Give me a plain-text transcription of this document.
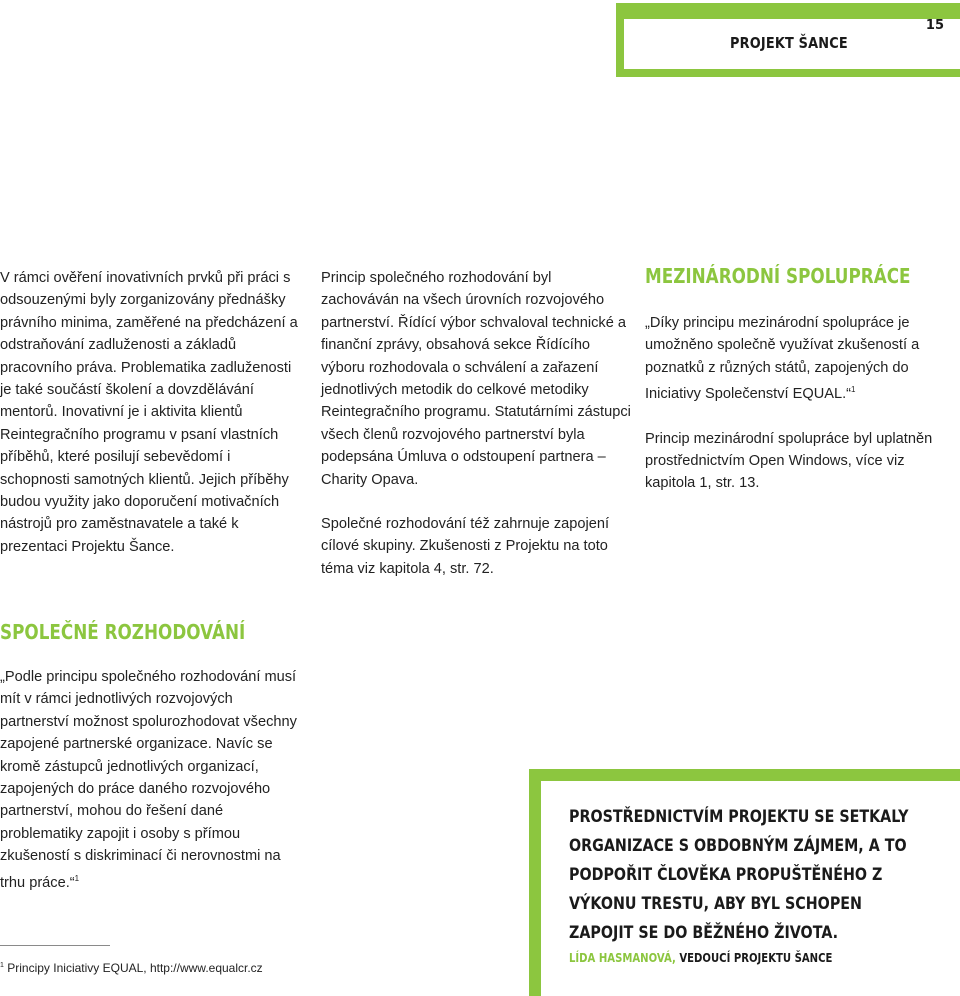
PROJEKT ŠANCE
15

V rámci ověření inovativních prvků při práci s odsouzenými byly zorganizovány přednášky právního minima, zaměřené na předcházení a odstraňování zadluženosti a základů pracovního práva. Problematika zadluženosti je také součástí školení a dovzdělávání mentorů. Inovativní je i aktivita klientů Reintegračního programu v psaní vlastních příběhů, které posilují sebevědomí i schopnosti samotných klientů. Jejich příběhy budou využity jako doporučení motivačních nástrojů pro zaměstnavatele a také k prezentaci Projektu Šance.

Princip společného rozhodování byl zachováván na všech úrovních rozvojového partnerství. Řídící výbor schvaloval technické a finanční zprávy, obsahová sekce Řídícího výboru rozhodovala o schválení a zařazení jednotlivých metodik do celkové metodiky Reintegračního programu. Statutárními zástupci všech členů rozvojového partnerství byla podepsána Úmluva o odstoupení partnera – Charity Opava.

Společné rozhodování též zahrnuje zapojení cílové skupiny. Zkušenosti z Projektu na toto téma viz kapitola 4, str. 72.

MEZINÁRODNÍ SPOLUPRÁCE

„Díky principu mezinárodní spolupráce je umožněno společně využívat zkušeností a poznatků z různých států, zapojených do Iniciativy Společenství EQUAL.“$^1$

Princip mezinárodní spolupráce byl uplatněn prostřednictvím Open Windows, více viz kapitola 1, str. 13.

SPOLEČNÉ ROZHODOVÁNÍ

„Podle principu společného rozhodování musí mít v rámci jednotlivých rozvojových partnerství možnost spolurozhodovat všechny zapojené partnerské organizace. Navíc se kromě zástupců jednotlivých organizací, zapojených do práce daného rozvojového partnerství, mohou do řešení dané problematiky zapojit i osoby s přímou zkušeností s diskriminací či nerovnostmi na trhu práce.“$^1$

$^1$ Principy Iniciativy EQUAL, http://www.equalcr.cz
PROSTŘEDNICTVÍM PROJEKTU SE SETKALY ORGANIZACE S OBDOBNÝM ZÁJMEM, A TO PODPOŘIT ČLOVĚKA PROPUŠTĚNÉHO Z VÝKONU TRESTU, ABY BYL SCHOPEN ZAPOJIT SE DO BĚŽNÉHO ŽIVOTA.
LÍDA HASMANOVÁ, VEDOUCÍ PROJEKTU ŠANCE
